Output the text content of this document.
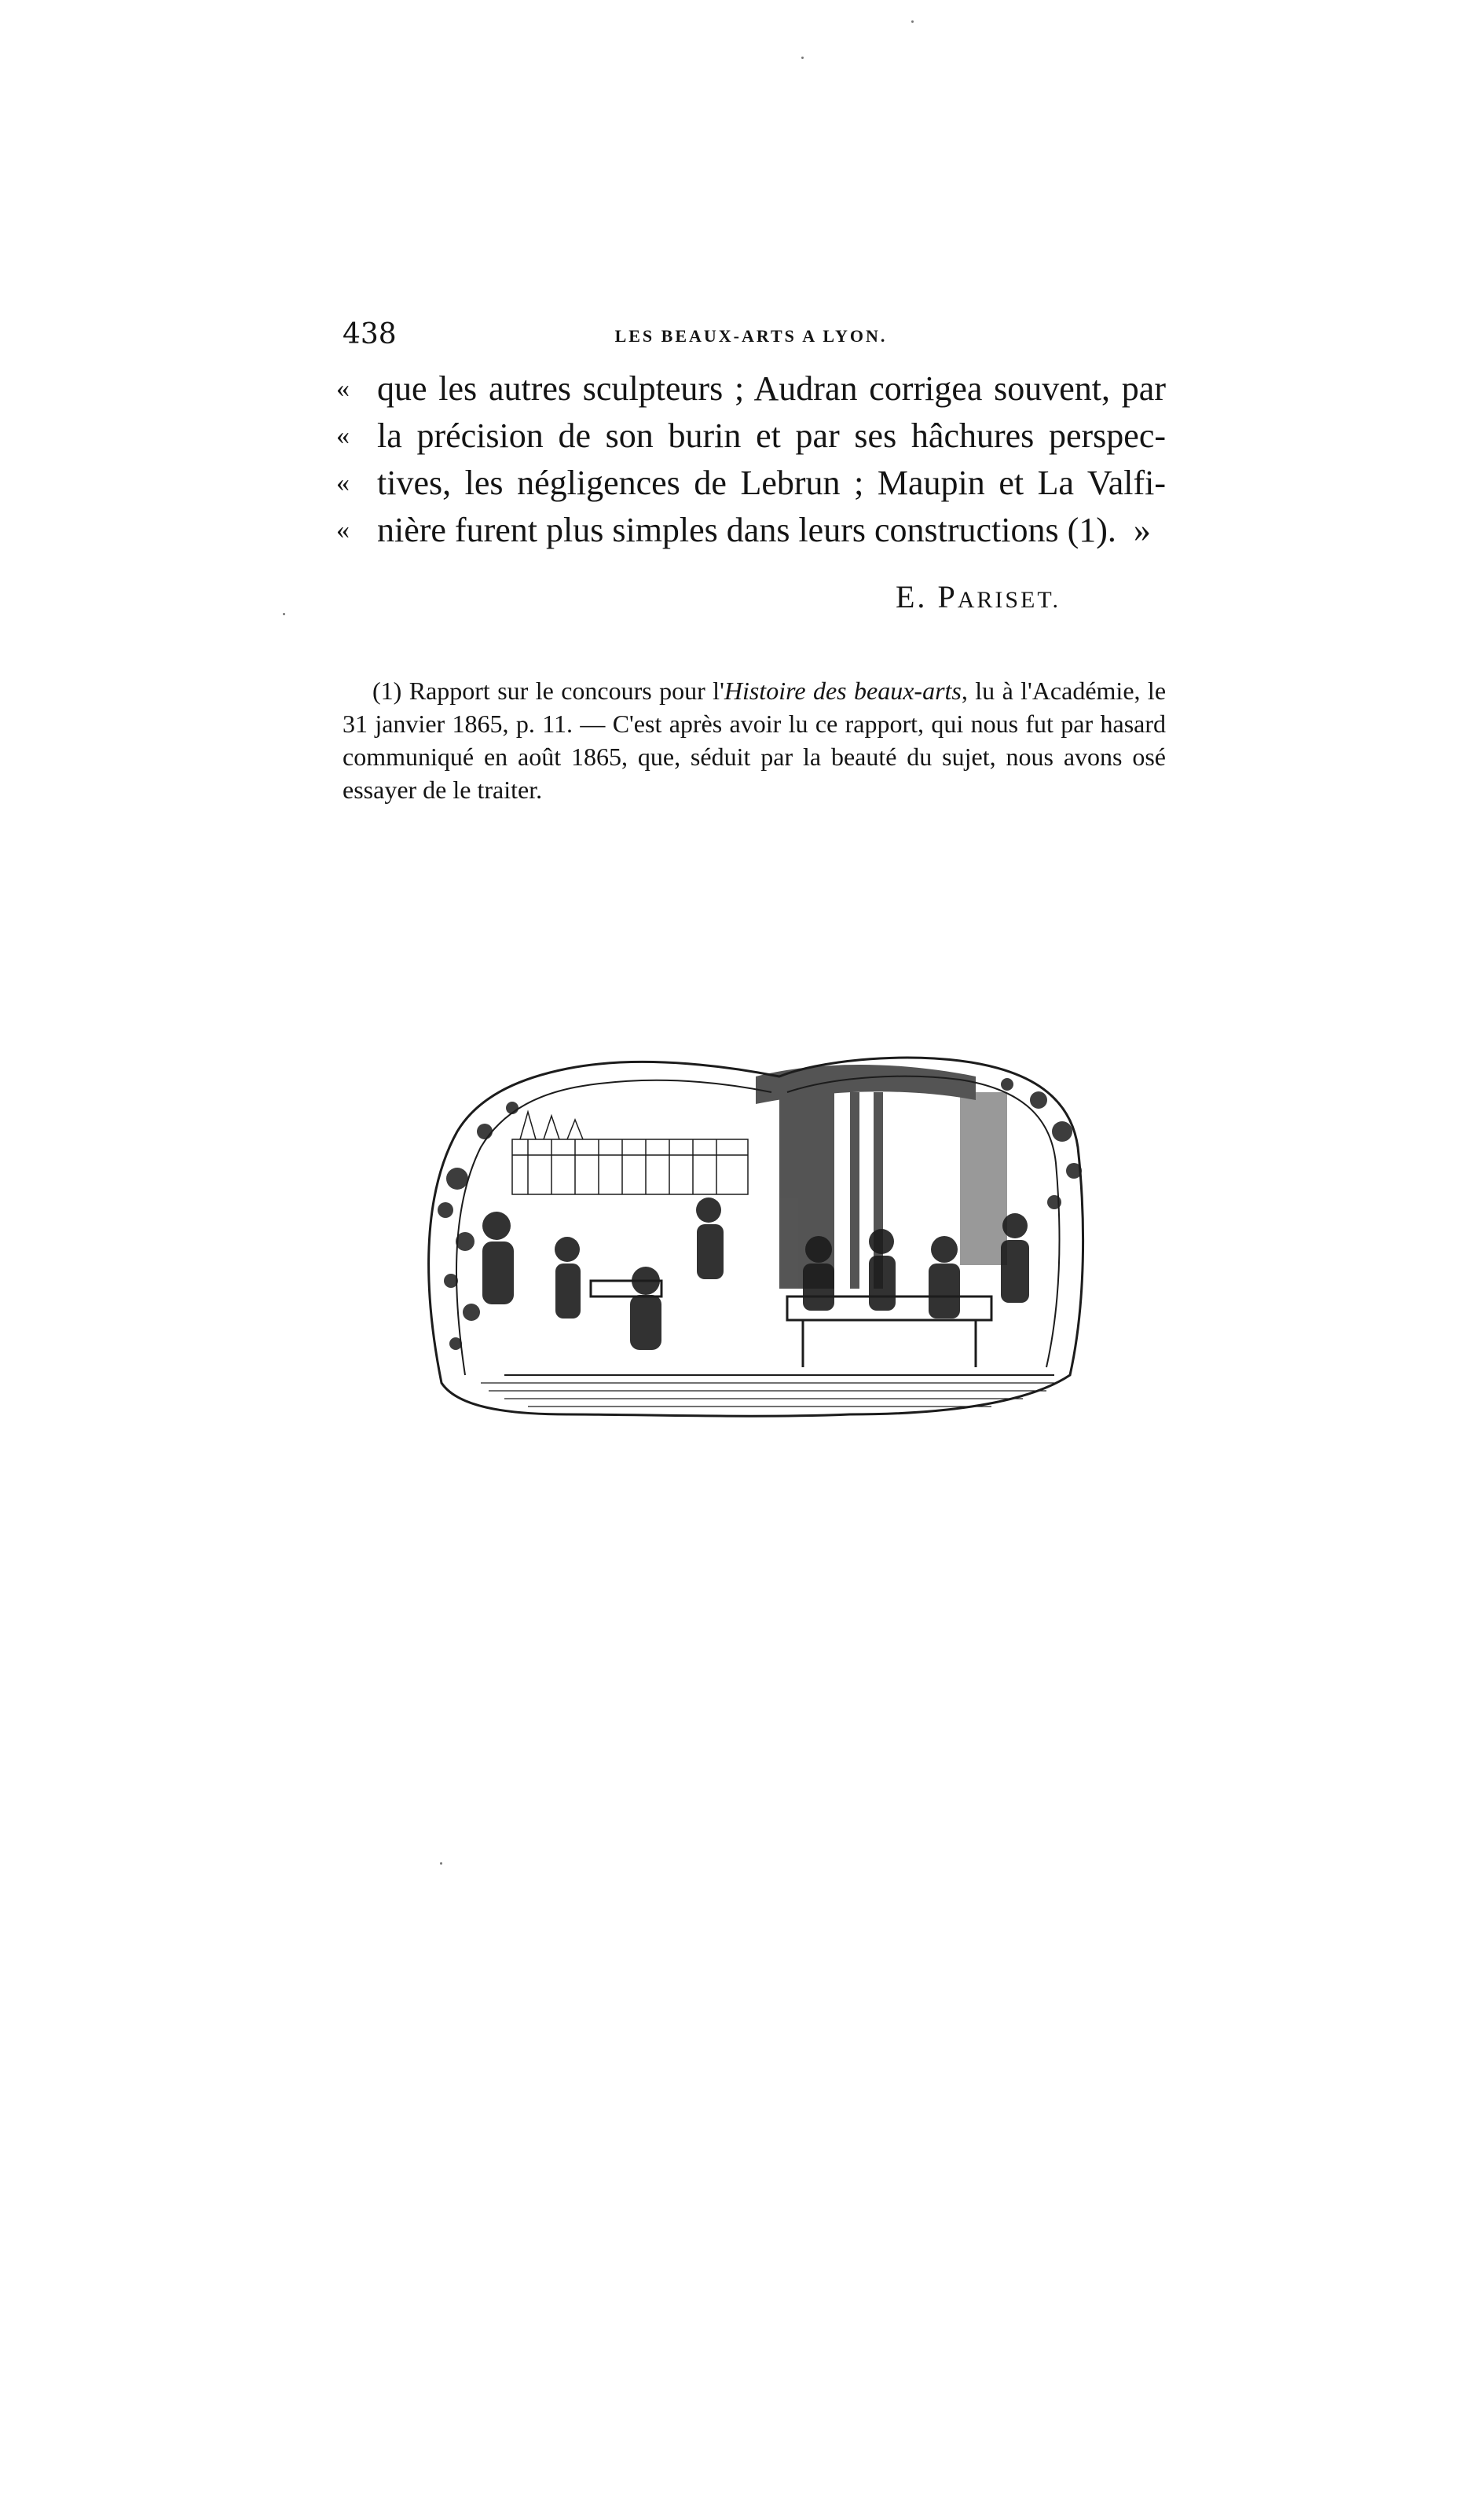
438	LES BEAUX-ARTS A LYON.
« que les autres sculpteurs ; Audran corrigea souvent, par
« la précision de son burin et par ses hâchures perspec-
« tives, les négligences de Lebrun ; Maupin et La Valfi-
« nière furent plus simples dans leurs constructions (1). »
E. PARISET.
(1) Rapport sur le concours pour l'Histoire des beaux-arts, lu à l'Académie, le 31 janvier 1865, p. 11. — C'est après avoir lu ce rapport, qui nous fut par hasard communiqué en août 1865, que, séduit par la beauté du sujet, nous avons osé essayer de le traiter.
